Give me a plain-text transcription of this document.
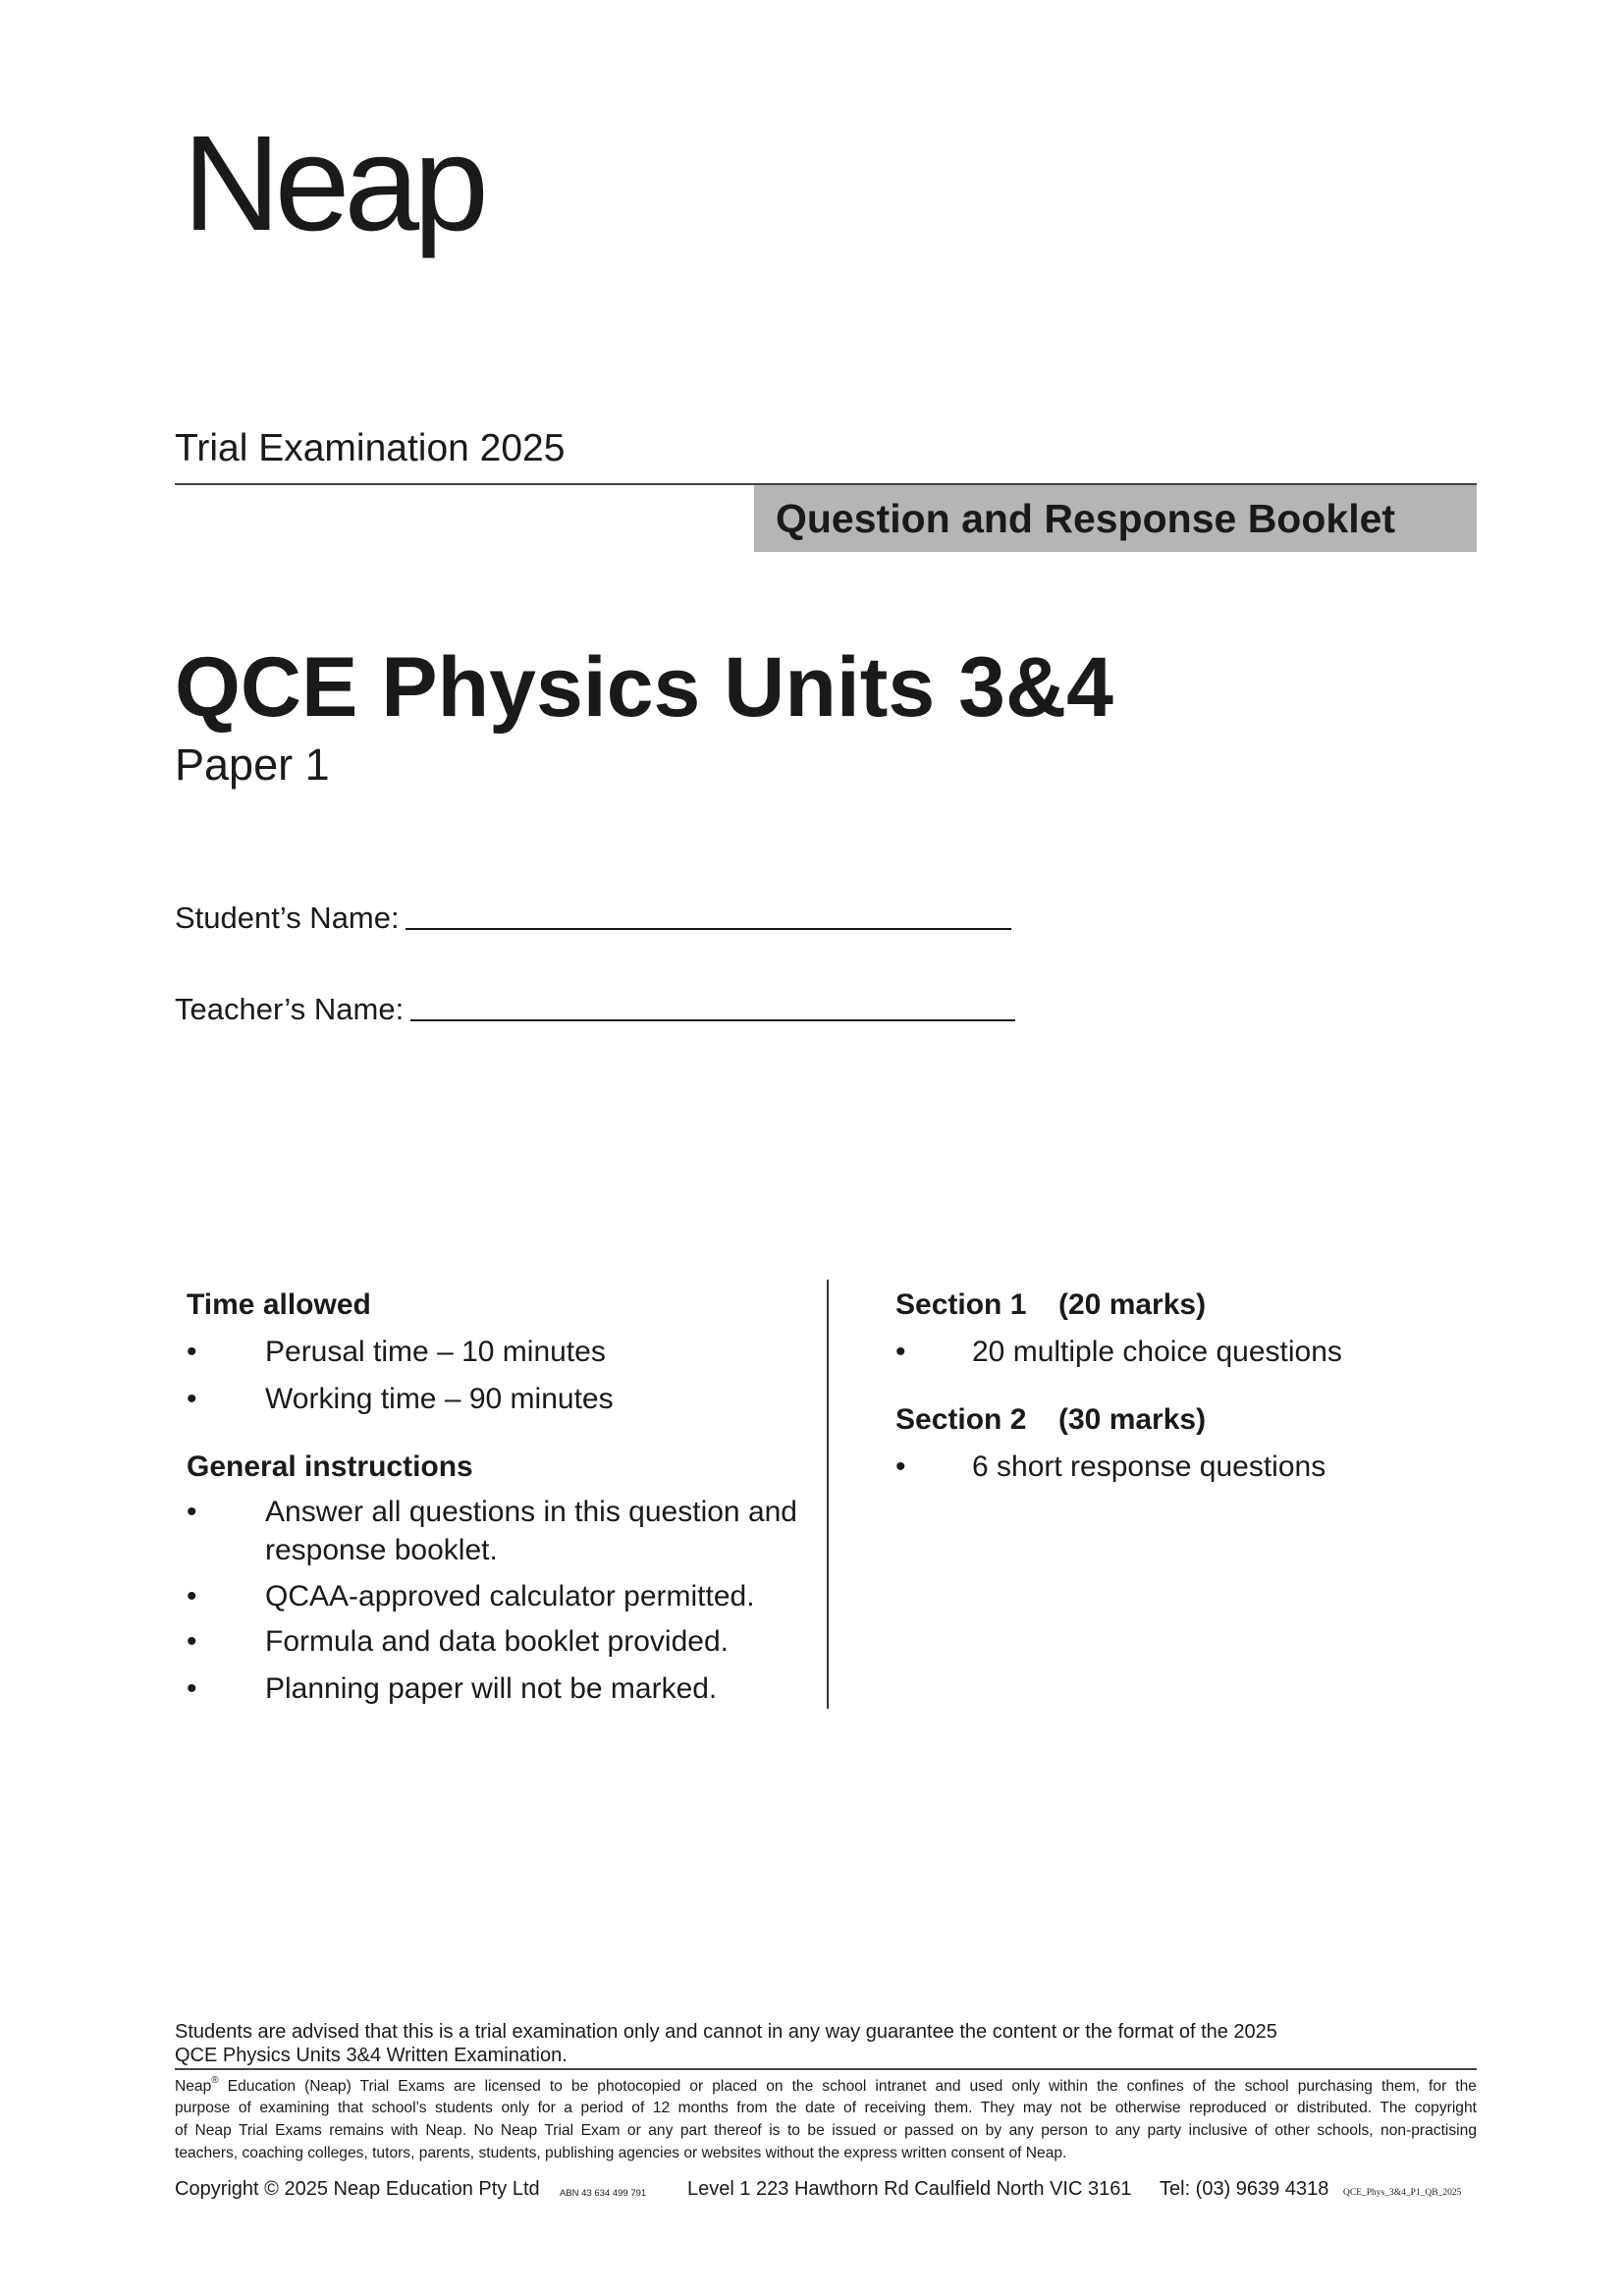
Neap
Trial Examination 2025
Question and Response Booklet
QCE Physics Units 3&4
Paper 1
Student’s Name:
Teacher’s Name:
Time allowed
• Perusal time – 10 minutes
• Working time – 90 minutes
General instructions
• Answer all questions in this question and
response booklet.
• QCAA-approved calculator permitted.
• Formula and data booklet provided.
• Planning paper will not be marked.
Section 1 (20 marks)
• 20 multiple choice questions
Section 2 (30 marks)
• 6 short response questions
Students are advised that this is a trial examination only and cannot in any way guarantee the content or the format of the 2025
QCE Physics Units 3&4 Written Examination.
Neap® Education (Neap) Trial Exams are licensed to be photocopied or placed on the school intranet and used only within the confines of the school purchasing them, for the
purpose of examining that school’s students only for a period of 12 months from the date of receiving them. They may not be otherwise reproduced or distributed. The copyright
of Neap Trial Exams remains with Neap. No Neap Trial Exam or any part thereof is to be issued or passed on by any person to any party inclusive of other schools, non-practising
teachers, coaching colleges, tutors, parents, students, publishing agencies or websites without the express written consent of Neap.
Copyright © 2025 Neap Education Pty Ltd ABN 43 634 499 791 Level 1 223 Hawthorn Rd Caulfield North VIC 3161 Tel: (03) 9639 4318 QCE_Phys_3&4_P1_QB_2025
